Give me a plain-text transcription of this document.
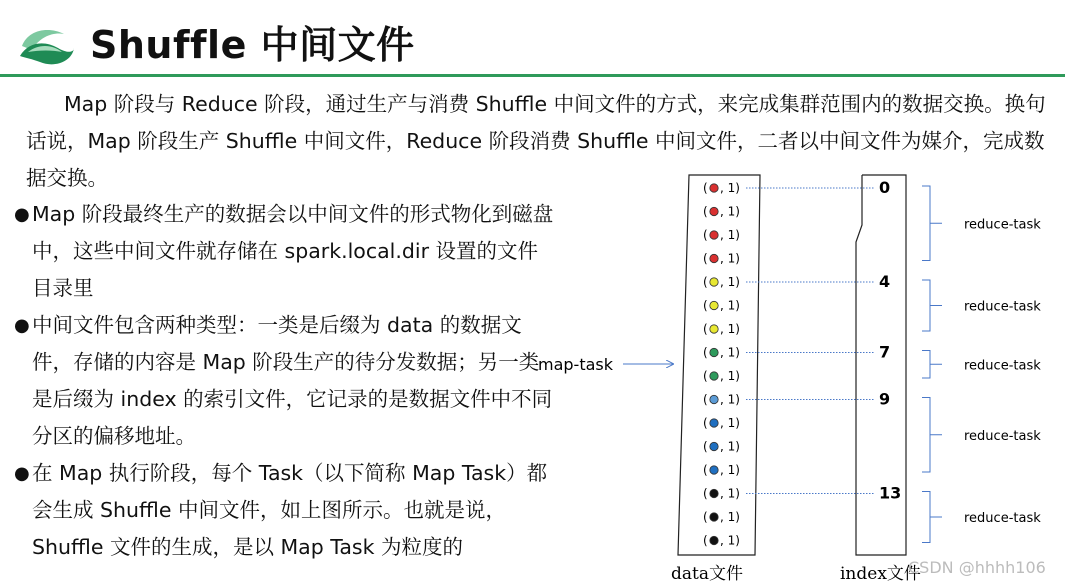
Shuffle 中间文件

Map 阶段与 Reduce 阶段，通过生产与消费 Shuffle 中间文件的方式，来完成集群范围内的数据交换。换句话说，Map 阶段生产 Shuffle 中间文件，Reduce 阶段消费 Shuffle 中间文件，二者以中间文件为媒介，完成数据交换。

● Map 阶段最终生产的数据会以中间文件的形式物化到磁盘中，这些中间文件就存储在 spark.local.dir 设置的文件目录里

● 中间文件包含两种类型：一类是后缀为 data 的数据文件，存储的内容是 Map 阶段生产的待分发数据；另一类是后缀为 index 的索引文件，它记录的是数据文件中不同分区的偏移地址。

● 在 Map 执行阶段，每个 Task（以下简称 Map Task）都会生成 Shuffle 中间文件，如上图所示。也就是说，Shuffle 文件的生成，是以 Map Task 为粒度的

map-task
( , 1)
( , 1)
( , 1)
( , 1)
( , 1)
( , 1)
( , 1)
( , 1)
( , 1)
( , 1)
( , 1)
( , 1)
( , 1)
( , 1)
( , 1)
( , 1)
0
4
7
9
13
reduce-task
reduce-task
reduce-task
reduce-task
reduce-task
data文件	index文件
CSDN @hhhh106
